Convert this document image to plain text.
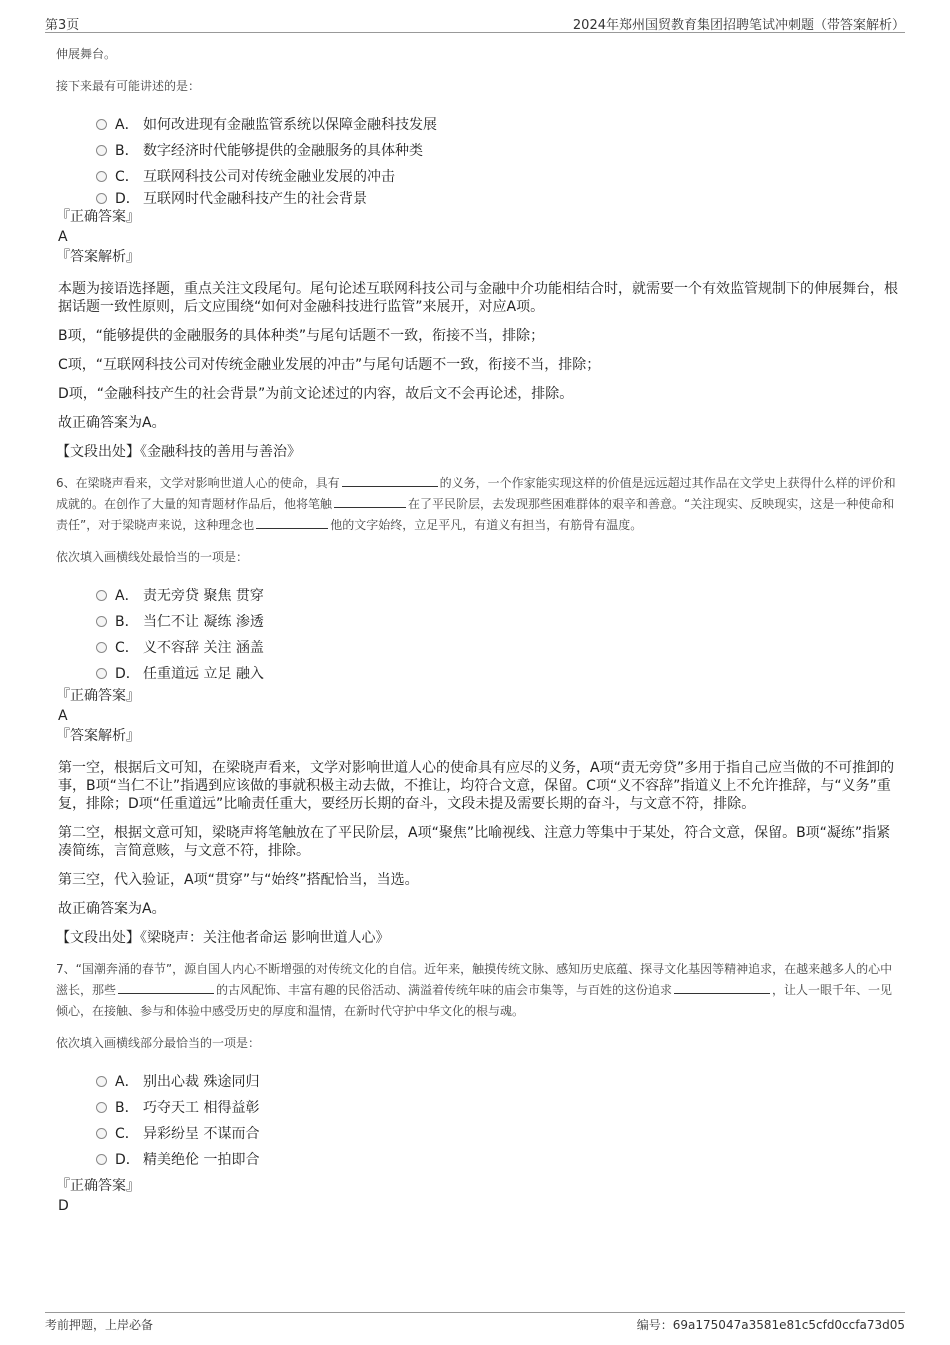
第3页	2024年郑州国贸教育集团招聘笔试冲刺题（带答案解析）
伸展舞台。
接下来最有可能讲述的是：
A． 如何改进现有金融监管系统以保障金融科技发展
B． 数字经济时代能够提供的金融服务的具体种类
C． 互联网科技公司对传统金融业发展的冲击
D． 互联网时代金融科技产生的社会背景
『正确答案』
A
『答案解析』
本题为接语选择题，重点关注文段尾句。尾句论述互联网科技公司与金融中介功能相结合时，就需要一个有效监管规制下的伸展舞台，根据话题一致性原则，后文应围绕“如何对金融科技进行监管”来展开，对应A项。
B项，“能够提供的金融服务的具体种类”与尾句话题不一致，衔接不当，排除；
C项，“互联网科技公司对传统金融业发展的冲击”与尾句话题不一致，衔接不当，排除；
D项，“金融科技产生的社会背景”为前文论述过的内容，故后文不会再论述，排除。
故正确答案为A。
【文段出处】《金融科技的善用与善治》
6、在梁晓声看来，文学对影响世道人心的使命，具有	的义务，一个作家能实现这样的价值是远远超过其作品在文学史上获得什么样的评价和成就的。在创作了大量的知青题材作品后，他将笔触	在了平民阶层，去发现那些困难群体的艰辛和善意。“关注现实、反映现实，这是一种使命和责任”，对于梁晓声来说，这种理念也	他的文字始终，立足平凡，有道义有担当，有筋骨有温度。
依次填入画横线处最恰当的一项是：
A． 责无旁贷 聚焦 贯穿
B． 当仁不让 凝练 渗透
C． 义不容辞 关注 涵盖
D． 任重道远 立足 融入
『正确答案』
A
『答案解析』
第一空，根据后文可知，在梁晓声看来，文学对影响世道人心的使命具有应尽的义务，A项“责无旁贷”多用于指自己应当做的不可推卸的事，B项“当仁不让”指遇到应该做的事就积极主动去做，不推让，均符合文意，保留。C项“义不容辞”指道义上不允许推辞，与“义务”重复，排除；D项“任重道远”比喻责任重大，要经历长期的奋斗，文段未提及需要长期的奋斗，与文意不符，排除。
第二空，根据文意可知，梁晓声将笔触放在了平民阶层，A项“聚焦”比喻视线、注意力等集中于某处，符合文意，保留。B项“凝练”指紧凑简练，言简意赅，与文意不符，排除。
第三空，代入验证，A项“贯穿”与“始终”搭配恰当，当选。
故正确答案为A。
【文段出处】《梁晓声：关注他者命运 影响世道人心》
7、“国潮奔涌的春节”，源自国人内心不断增强的对传统文化的自信。近年来，触摸传统文脉、感知历史底蕴、探寻文化基因等精神追求，在越来越多人的心中滋长，那些	的古风配饰、丰富有趣的民俗活动、满溢着传统年味的庙会市集等，与百姓的这份追求	，让人一眼千年、一见倾心，在接触、参与和体验中感受历史的厚度和温情，在新时代守护中华文化的根与魂。
依次填入画横线部分最恰当的一项是：
A． 别出心裁 殊途同归
B． 巧夺天工 相得益彰
C． 异彩纷呈 不谋而合
D． 精美绝伦 一拍即合
『正确答案』
D
考前押题，上岸必备	编号：69a175047a3581e81c5cfd0ccfa73d05
